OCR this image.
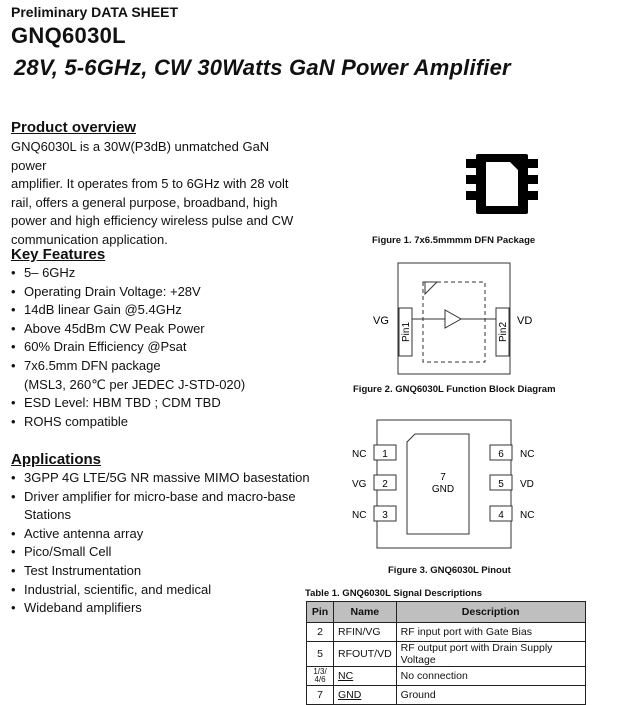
Preliminary DATA SHEET
GNQ6030L
28V, 5-6GHz, CW 30Watts GaN Power Amplifier
Product overview
GNQ6030L is a 30W(P3dB) unmatched GaN power
amplifier. It operates from 5 to 6GHz with 28 volt
rail, offers a general purpose, broadband, high
power and high efficiency wireless pulse and CW
communication application.
Key Features
• 5– 6GHz
• Operating Drain Voltage: +28V
• 14dB linear Gain @5.4GHz
• Above 45dBm CW Peak Power
• 60% Drain Efficiency @Psat
• 7x6.5mm DFN package
(MSL3, 260℃ per JEDEC J-STD-020)
• ESD Level: HBM TBD ; CDM TBD
• ROHS compatible
Applications
• 3GPP 4G LTE/5G NR massive MIMO basestation
• Driver amplifier for micro-base and macro-base
Stations
• Active antenna array
• Pico/Small Cell
• Test Instrumentation
• Industrial, scientific, and medical
• Wideband amplifiers
Figure 1. 7x6.5mmmm DFN Package
VG	VD
Pin1	Pin2
Figure 2. GNQ6030L Function Block Diagram
1
2
3
6
5
4
NC
VG
NC
NC
VD
NC
7
GND
Figure 3. GNQ6030L Pinout
Table 1. GNQ6030L Signal Descriptions
Pin	Name	Description
2	RFIN/VG	RF input port with Gate Bias
5	RFOUT/VD	RF output port with Drain Supply Voltage
1/3/ 4/6	NC	No connection
7	GND	Ground
